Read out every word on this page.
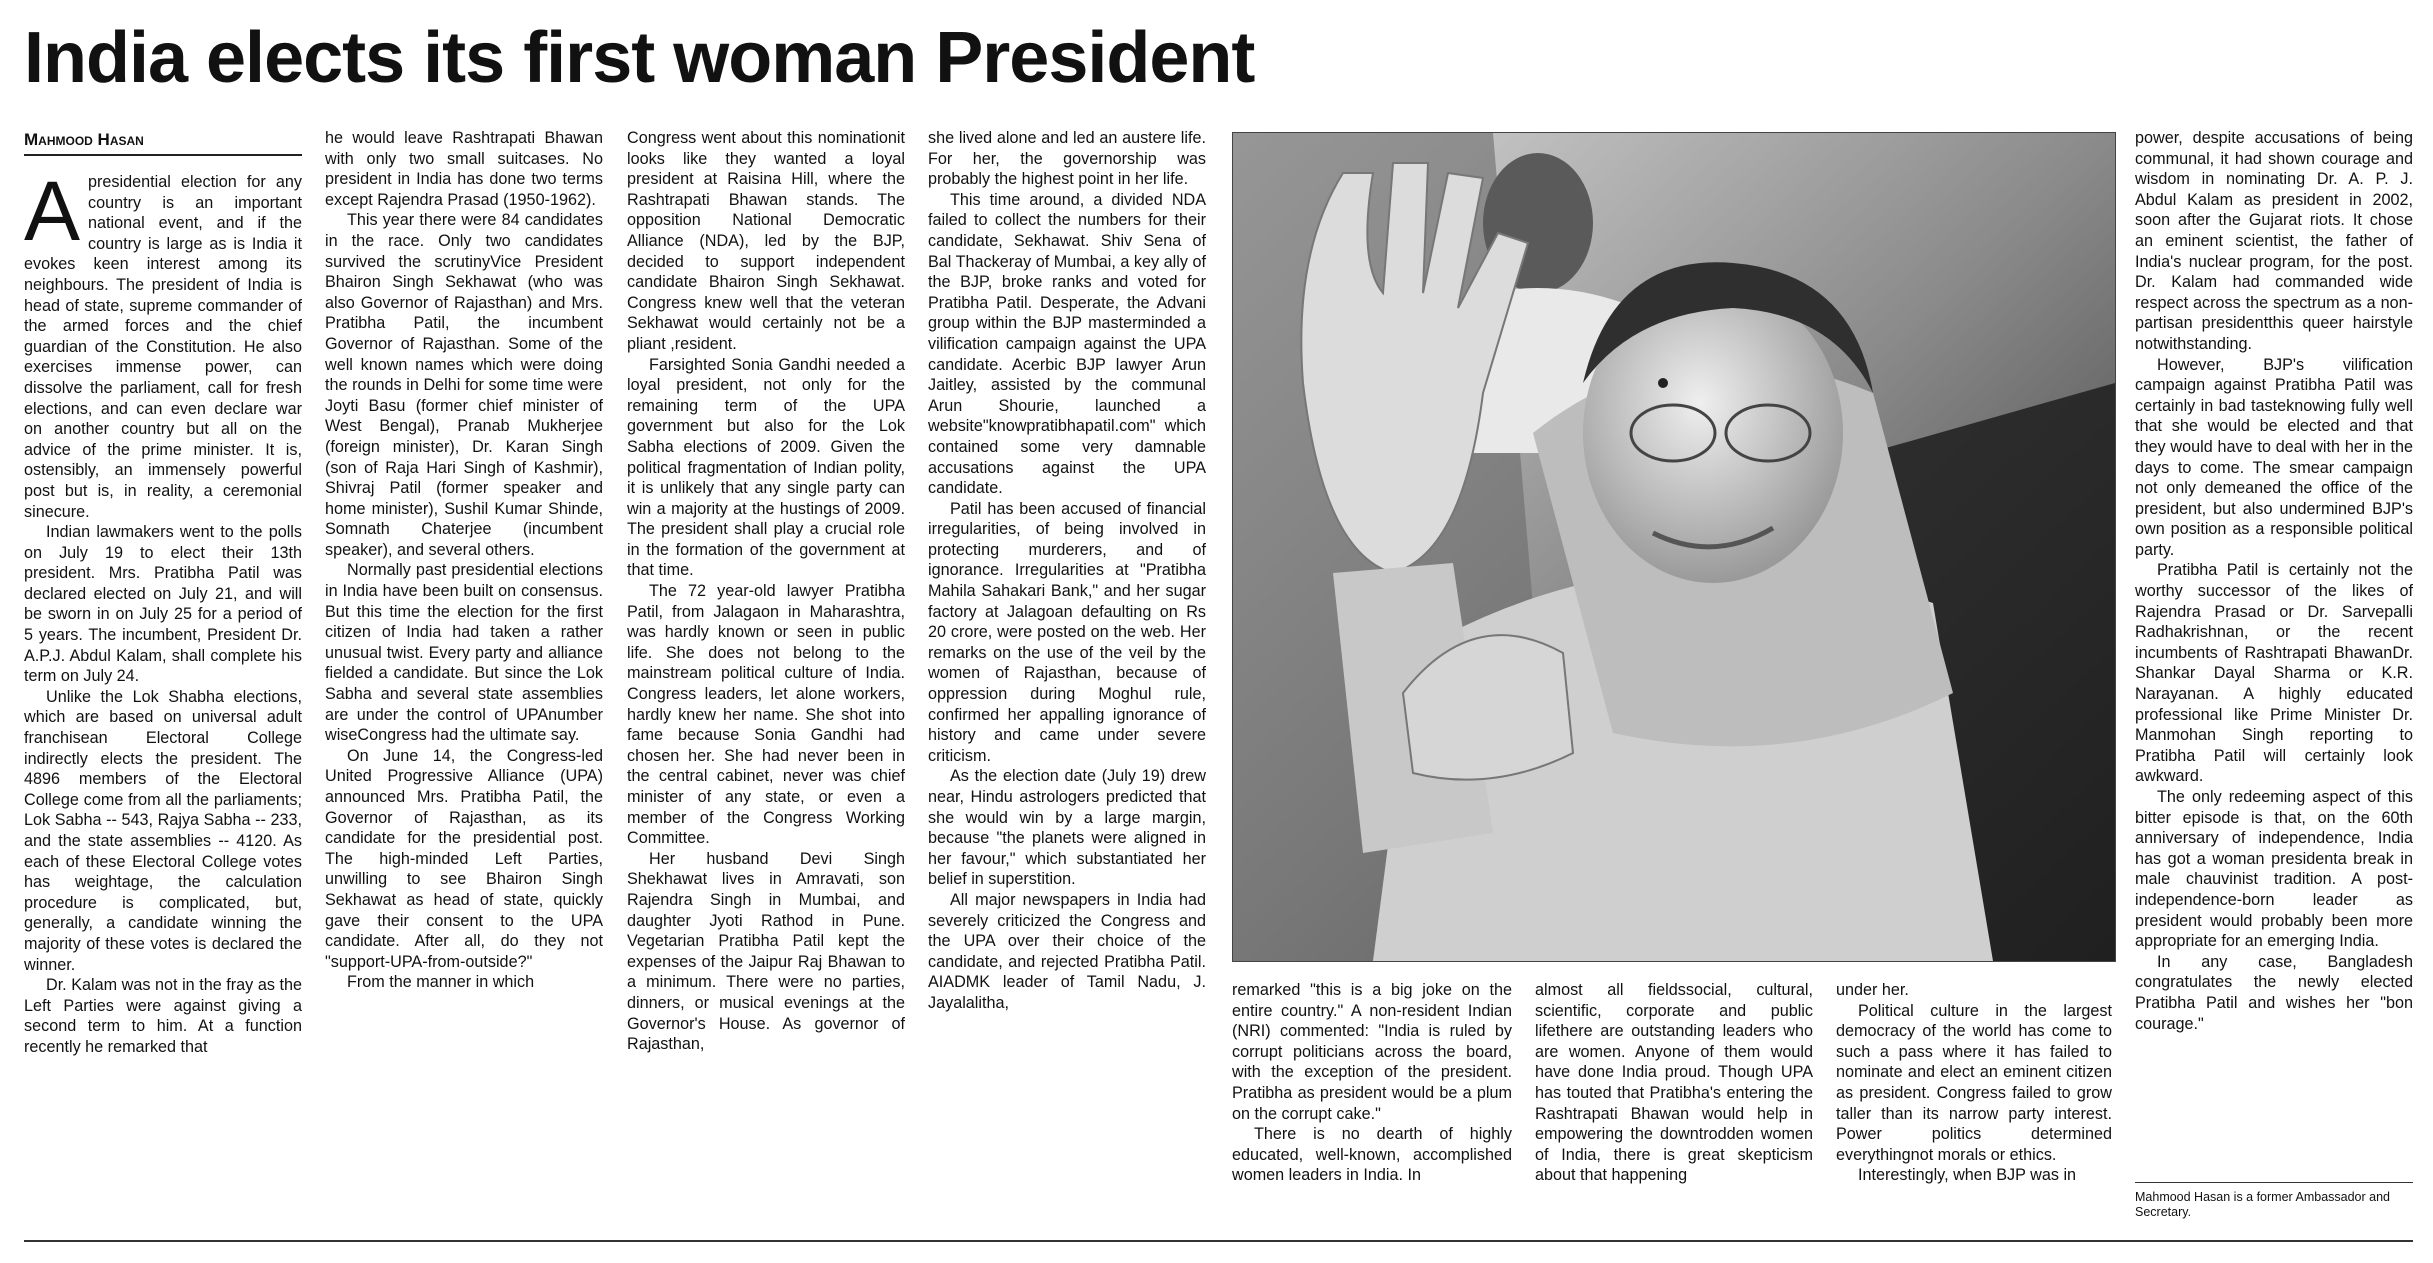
India elects its first woman President
Mahmood Hasan

Apresidential election for any country is an important national event, and if the country is large as is India it evokes keen interest among its neighbours. The president of India is head of state, supreme commander of the armed forces and the chief guardian of the Constitution. He also exercises immense power, can dissolve the parliament, call for fresh elections, and can even declare war on another country but all on the advice of the prime minister. It is, ostensibly, an immensely powerful post but is, in reality, a ceremonial sinecure.

Indian lawmakers went to the polls on July 19 to elect their 13th president. Mrs. Pratibha Patil was declared elected on July 21, and will be sworn in on July 25 for a period of 5 years. The incumbent, President Dr. A.P.J. Abdul Kalam, shall complete his term on July 24.

Unlike the Lok Shabha elections, which are based on universal adult franchisean Electoral College indirectly elects the president. The 4896 members of the Electoral College come from all the parliaments; Lok Sabha -- 543, Rajya Sabha -- 233, and the state assemblies -- 4120. As each of these Electoral College votes has weightage, the calculation procedure is complicated, but, generally, a candidate winning the majority of these votes is declared the winner.

Dr. Kalam was not in the fray as the Left Parties were against giving a second term to him. At a function recently he remarked that

he would leave Rashtrapati Bhawan with only two small suitcases. No president in India has done two terms except Rajendra Prasad (1950-1962).

This year there were 84 candidates in the race. Only two candidates survived the scrutinyVice President Bhairon Singh Sekhawat (who was also Governor of Rajasthan) and Mrs. Pratibha Patil, the incumbent Governor of Rajasthan. Some of the well known names which were doing the rounds in Delhi for some time were Joyti Basu (former chief minister of West Bengal), Pranab Mukherjee (foreign minister), Dr. Karan Singh (son of Raja Hari Singh of Kashmir), Shivraj Patil (former speaker and home minister), Sushil Kumar Shinde, Somnath Chaterjee (incumbent speaker), and several others.

Normally past presidential elections in India have been built on consensus. But this time the election for the first citizen of India had taken a rather unusual twist. Every party and alliance fielded a candidate. But since the Lok Sabha and several state assemblies are under the control of UPAnumber wiseCongress had the ultimate say.

On June 14, the Congress-led United Progressive Alliance (UPA) announced Mrs. Pratibha Patil, the Governor of Rajasthan, as its candidate for the presidential post. The high-minded Left Parties, unwilling to see Bhairon Singh Sekhawat as head of state, quickly gave their consent to the UPA candidate. After all, do they not "support-UPA-from-outside?"

From the manner in which

Congress went about this nominationit looks like they wanted a loyal president at Raisina Hill, where the Rashtrapati Bhawan stands. The opposition National Democratic Alliance (NDA), led by the BJP, decided to support independent candidate Bhairon Singh Sekhawat. Congress knew well that the veteran Sekhawat would certainly not be a pliant ,resident.

Farsighted Sonia Gandhi needed a loyal president, not only for the remaining term of the UPA government but also for the Lok Sabha elections of 2009. Given the political fragmentation of Indian polity, it is unlikely that any single party can win a majority at the hustings of 2009. The president shall play a crucial role in the formation of the government at that time.

The 72 year-old lawyer Pratibha Patil, from Jalagaon in Maharashtra, was hardly known or seen in public life. She does not belong to the mainstream political culture of India. Congress leaders, let alone workers, hardly knew her name. She shot into fame because Sonia Gandhi had chosen her. She had never been in the central cabinet, never was chief minister of any state, or even a member of the Congress Working Committee.

Her husband Devi Singh Shekhawat lives in Amravati, son Rajendra Singh in Mumbai, and daughter Jyoti Rathod in Pune. Vegetarian Pratibha Patil kept the expenses of the Jaipur Raj Bhawan to a minimum. There were no parties, dinners, or musical evenings at the Governor's House. As governor of Rajasthan,

she lived alone and led an austere life. For her, the governorship was probably the highest point in her life.

This time around, a divided NDA failed to collect the numbers for their candidate, Sekhawat. Shiv Sena of Bal Thackeray of Mumbai, a key ally of the BJP, broke ranks and voted for Pratibha Patil. Desperate, the Advani group within the BJP masterminded a vilification campaign against the UPA candidate. Acerbic BJP lawyer Arun Jaitley, assisted by the communal Arun Shourie, launched a website"knowpratibhapatil.com" which contained some very damnable accusations against the UPA candidate.

Patil has been accused of financial irregularities, of being involved in protecting murderers, and of ignorance. Irregularities at "Pratibha Mahila Sahakari Bank," and her sugar factory at Jalagoan defaulting on Rs 20 crore, were posted on the web. Her remarks on the use of the veil by the women of Rajasthan, because of oppression during Moghul rule, confirmed her appalling ignorance of history and came under severe criticism.

As the election date (July 19) drew near, Hindu astrologers predicted that she would win by a large margin, because "the planets were aligned in her favour," which substantiated her belief in superstition.

All major newspapers in India had severely criticized the Congress and the UPA over their choice of the candidate, and rejected Pratibha Patil. AIADMK leader of Tamil Nadu, J. Jayalalitha,

remarked "this is a big joke on the entire country." A non-resident Indian (NRI) commented: "India is ruled by corrupt politicians across the board, with the exception of the president. Pratibha as president would be a plum on the corrupt cake."

There is no dearth of highly educated, well-known, accomplished women leaders in India. In

almost all fieldssocial, cultural, scientific, corporate and public lifethere are outstanding leaders who are women. Anyone of them would have done India proud. Though UPA has touted that Pratibha's entering the Rashtrapati Bhawan would help in empowering the downtrodden women of India, there is great skepticism about that happening

under her.

Political culture in the largest democracy of the world has come to such a pass where it has failed to nominate and elect an eminent citizen as president. Congress failed to grow taller than its narrow party interest. Power politics determined everythingnot morals or ethics.

Interestingly, when BJP was in

power, despite accusations of being communal, it had shown courage and wisdom in nominating Dr. A. P. J. Abdul Kalam as president in 2002, soon after the Gujarat riots. It chose an eminent scientist, the father of India's nuclear program, for the post. Dr. Kalam had commanded wide respect across the spectrum as a non-partisan presidentthis queer hairstyle notwithstanding.

However, BJP's vilification campaign against Pratibha Patil was certainly in bad tasteknowing fully well that she would be elected and that they would have to deal with her in the days to come. The smear campaign not only demeaned the office of the president, but also undermined BJP's own position as a responsible political party.

Pratibha Patil is certainly not the worthy successor of the likes of Rajendra Prasad or Dr. Sarvepalli Radhakrishnan, or the recent incumbents of Rashtrapati BhawanDr. Shankar Dayal Sharma or K.R. Narayanan. A highly educated professional like Prime Minister Dr. Manmohan Singh reporting to Pratibha Patil will certainly look awkward.

The only redeeming aspect of this bitter episode is that, on the 60th anniversary of independence, India has got a woman presidenta break in male chauvinist tradition. A post-independence-born leader as president would probably been more appropriate for an emerging India.

In any case, Bangladesh congratulates the newly elected Pratibha Patil and wishes her "bon courage."

Mahmood Hasan is a former Ambassador and Secretary.
